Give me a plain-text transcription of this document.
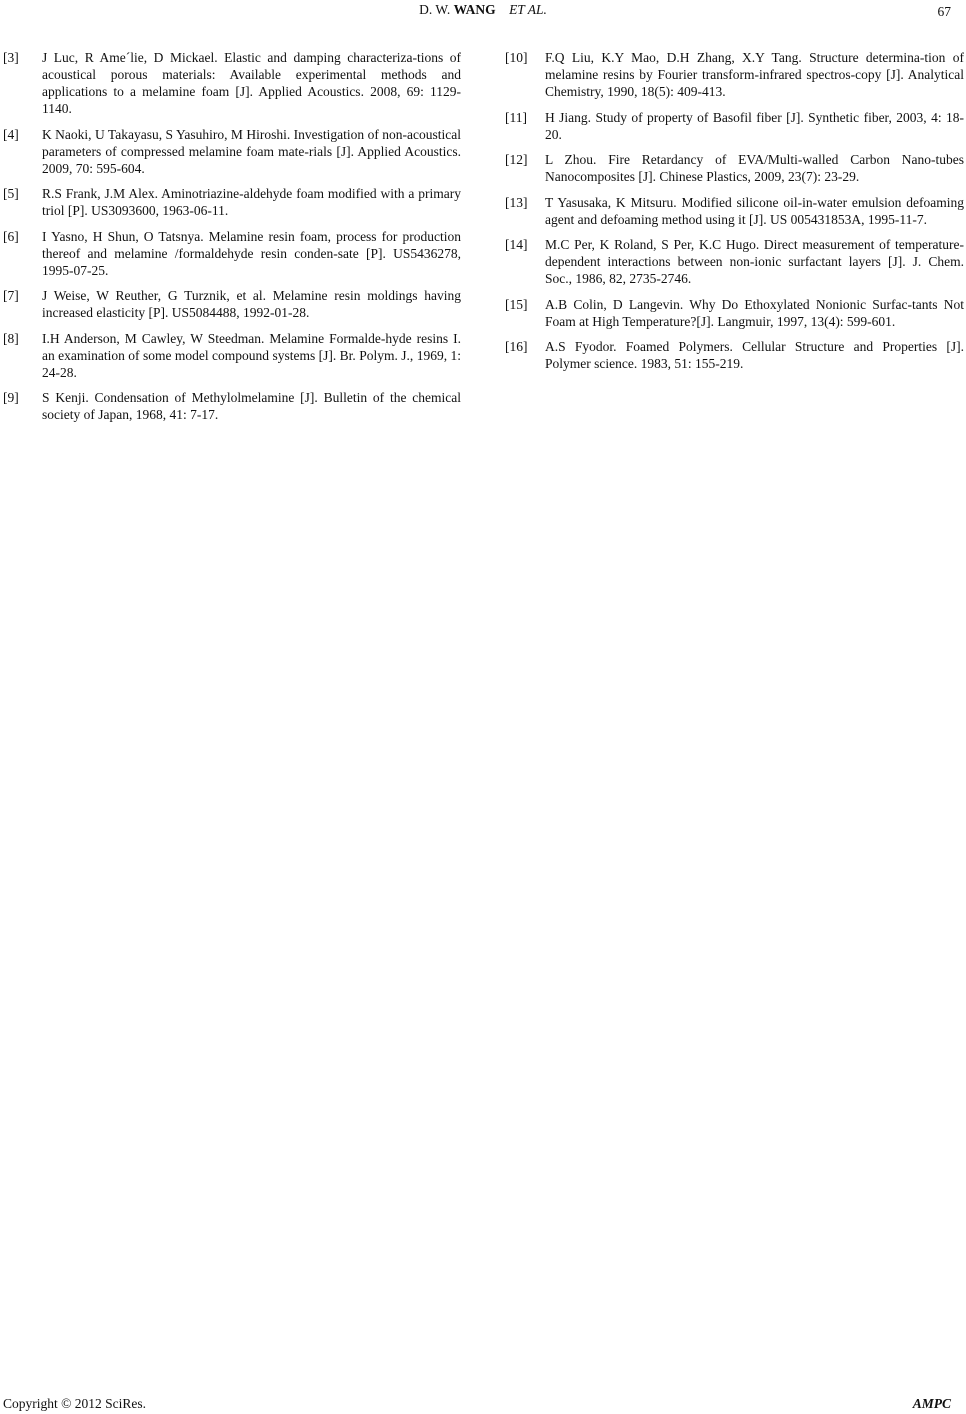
D. W. WANG ET AL.	67
[3]	J Luc, R Ame´lie, D Mickael. Elastic and damping characteriza-tions of acoustical porous materials: Available experimental methods and applications to a melamine foam [J]. Applied Acoustics. 2008, 69: 1129-1140.
[4]	K Naoki, U Takayasu, S Yasuhiro, M Hiroshi. Investigation of non-acoustical parameters of compressed melamine foam mate-rials [J]. Applied Acoustics. 2009, 70: 595-604.
[5]	R.S Frank, J.M Alex. Aminotriazine-aldehyde foam modified with a primary triol [P]. US3093600, 1963-06-11.
[6]	I Yasno, H Shun, O Tatsnya. Melamine resin foam, process for production thereof and melamine /formaldehyde resin conden-sate [P]. US5436278, 1995-07-25.
[7]	J Weise, W Reuther, G Turznik, et al. Melamine resin moldings having increased elasticity [P]. US5084488, 1992-01-28.
[8]	I.H Anderson, M Cawley, W Steedman. Melamine Formalde-hyde resins I. an examination of some model compound systems [J]. Br. Polym. J., 1969, 1: 24-28.
[9]	S Kenji. Condensation of Methylolmelamine [J]. Bulletin of the chemical society of Japan, 1968, 41: 7-17.
[10]	F.Q Liu, K.Y Mao, D.H Zhang, X.Y Tang. Structure determina-tion of melamine resins by Fourier transform-infrared spectros-copy [J]. Analytical Chemistry, 1990, 18(5): 409-413.
[11]	H Jiang. Study of property of Basofil fiber [J]. Synthetic fiber, 2003, 4: 18-20.
[12]	L Zhou. Fire Retardancy of EVA/Multi-walled Carbon Nano-tubes Nanocomposites [J]. Chinese Plastics, 2009, 23(7): 23-29.
[13]	T Yasusaka, K Mitsuru. Modified silicone oil-in-water emulsion defoaming agent and defoaming method using it [J]. US 005431853A, 1995-11-7.
[14]	M.C Per, K Roland, S Per, K.C Hugo. Direct measurement of temperature-dependent interactions between non-ionic surfactant layers [J]. J. Chem. Soc., 1986, 82, 2735-2746.
[15]	A.B Colin, D Langevin. Why Do Ethoxylated Nonionic Surfac-tants Not Foam at High Temperature?[J]. Langmuir, 1997, 13(4): 599-601.
[16]	A.S Fyodor. Foamed Polymers. Cellular Structure and Properties [J]. Polymer science. 1983, 51: 155-219.
Copyright © 2012 SciRes.	AMPC
